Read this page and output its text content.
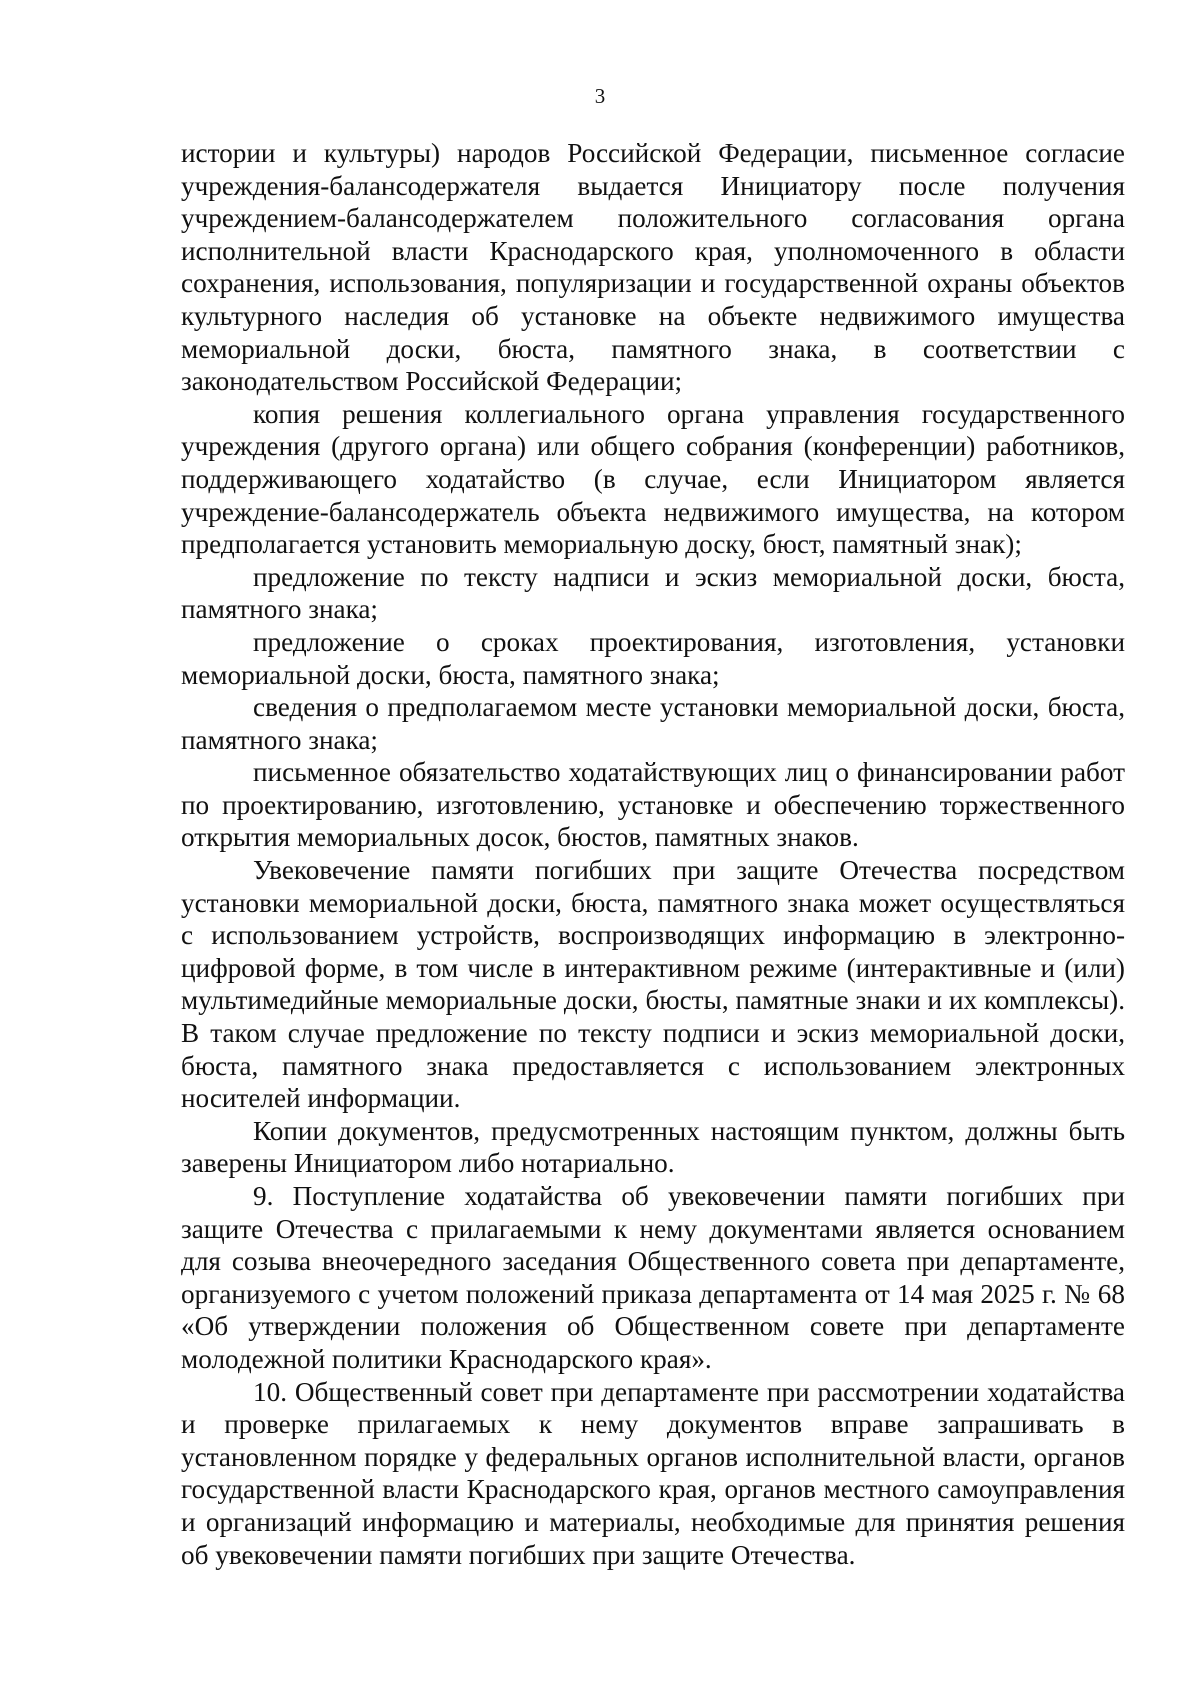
3

истории и культуры) народов Российской Федерации, письменное согласие учреждения-балансодержателя выдается Инициатору после получения учреждением-балансодержателем положительного согласования органа исполнительной власти Краснодарского края, уполномоченного в области сохранения, использования, популяризации и государственной охраны объектов культурного наследия об установке на объекте недвижимого имущества мемориальной доски, бюста, памятного знака, в соответствии с законодательством Российской Федерации;

копия решения коллегиального органа управления государственного учреждения (другого органа) или общего собрания (конференции) работников, поддерживающего ходатайство (в случае, если Инициатором является учреждение-балансодержатель объекта недвижимого имущества, на котором предполагается установить мемориальную доску, бюст, памятный знак);

предложение по тексту надписи и эскиз мемориальной доски, бюста, памятного знака;

предложение о сроках проектирования, изготовления, установки мемориальной доски, бюста, памятного знака;

сведения о предполагаемом месте установки мемориальной доски, бюста, памятного знака;

письменное обязательство ходатайствующих лиц о финансировании работ по проектированию, изготовлению, установке и обеспечению торжественного открытия мемориальных досок, бюстов, памятных знаков.

Увековечение памяти погибших при защите Отечества посредством установки мемориальной доски, бюста, памятного знака может осуществляться с использованием устройств, воспроизводящих информацию в электронно-цифровой форме, в том числе в интерактивном режиме (интерактивные и (или) мультимедийные мемориальные доски, бюсты, памятные знаки и их комплексы). В таком случае предложение по тексту подписи и эскиз мемориальной доски, бюста, памятного знака предоставляется с использованием электронных носителей информации.

Копии документов, предусмотренных настоящим пунктом, должны быть заверены Инициатором либо нотариально.

9. Поступление ходатайства об увековечении памяти погибших при защите Отечества с прилагаемыми к нему документами является основанием для созыва внеочередного заседания Общественного совета при департаменте, организуемого с учетом положений приказа департамента от 14 мая 2025 г. № 68 «Об утверждении положения об Общественном совете при департаменте молодежной политики Краснодарского края».

10. Общественный совет при департаменте при рассмотрении ходатайства и проверке прилагаемых к нему документов вправе запрашивать в установленном порядке у федеральных органов исполнительной власти, органов государственной власти Краснодарского края, органов местного самоуправления и организаций информацию и материалы, необходимые для принятия решения об увековечении памяти погибших при защите Отечества.
